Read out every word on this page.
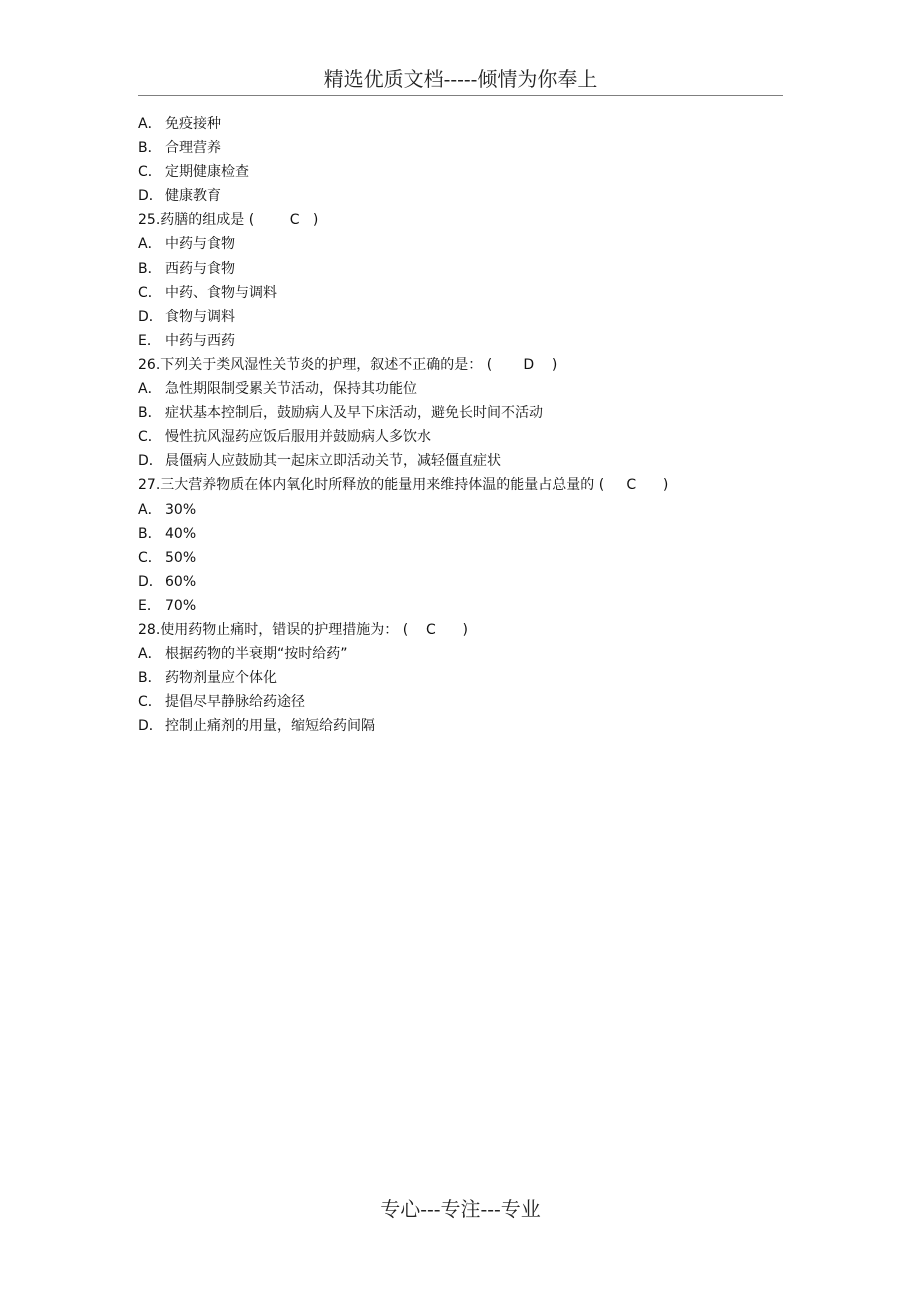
精选优质文档-----倾情为你奉上
A． 免疫接种
B． 合理营养
C． 定期健康检查
D． 健康教育
25.药膳的组成是 (        C   )
A． 中药与食物
B． 西药与食物
C． 中药、食物与调料
D． 食物与调料
E． 中药与西药
26.下列关于类风湿性关节炎的护理，叙述不正确的是： (       D    )
A． 急性期限制受累关节活动，保持其功能位
B． 症状基本控制后，鼓励病人及早下床活动，避免长时间不活动
C． 慢性抗风湿药应饭后服用并鼓励病人多饮水
D． 晨僵病人应鼓励其一起床立即活动关节，减轻僵直症状
27.三大营养物质在体内氧化时所释放的能量用来维持体温的能量占总量的 (     C      )
A． 30%
B． 40%
C． 50%
D． 60%
E． 70%
28.使用药物止痛时，错误的护理措施为： (    C      )
A． 根据药物的半衰期“按时给药”
B． 药物剂量应个体化
C． 提倡尽早静脉给药途径
D． 控制止痛剂的用量，缩短给药间隔
专心---专注---专业
